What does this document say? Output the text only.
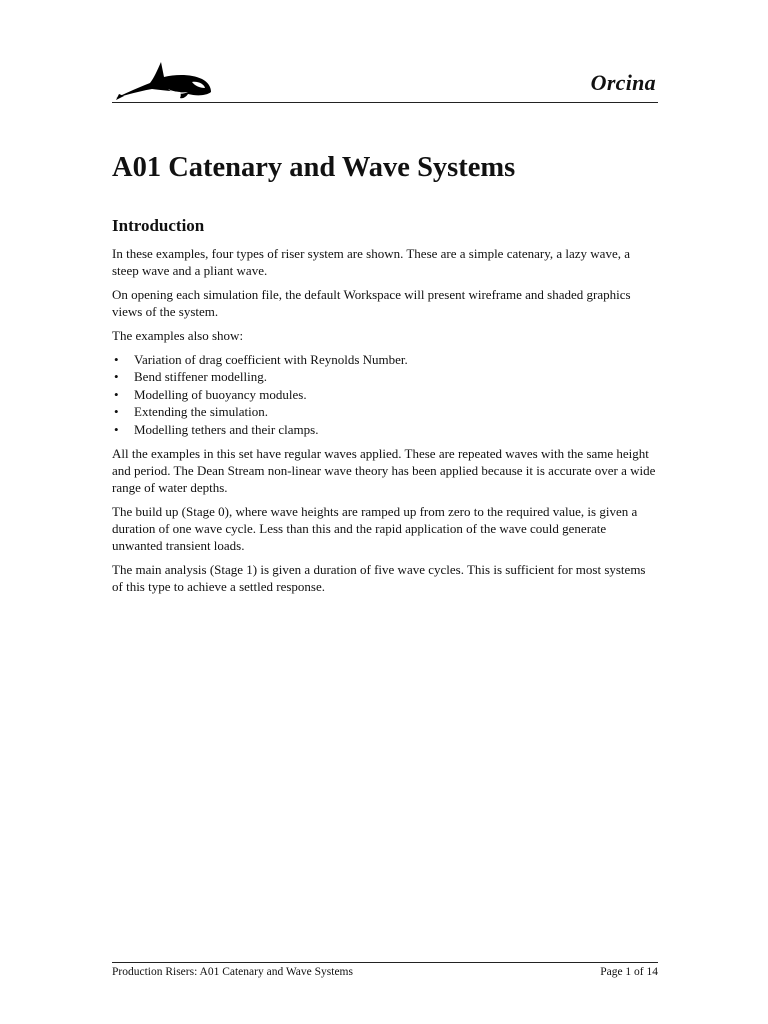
Orcina
A01 Catenary and Wave Systems
Introduction

In these examples, four types of riser system are shown. These are a simple catenary, a lazy wave, a steep wave and a pliant wave.

On opening each simulation file, the default Workspace will present wireframe and shaded graphics views of the system.

The examples also show:

• Variation of drag coefficient with Reynolds Number.
• Bend stiffener modelling.
• Modelling of buoyancy modules.
• Extending the simulation.
• Modelling tethers and their clamps.

All the examples in this set have regular waves applied. These are repeated waves with the same height and period. The Dean Stream non-linear wave theory has been applied because it is accurate over a wide range of water depths.

The build up (Stage 0), where wave heights are ramped up from zero to the required value, is given a duration of one wave cycle. Less than this and the rapid application of the wave could generate unwanted transient loads.

The main analysis (Stage 1) is given a duration of five wave cycles. This is sufficient for most systems of this type to achieve a settled response.

Production Risers: A01 Catenary and Wave Systems	Page 1 of 14
